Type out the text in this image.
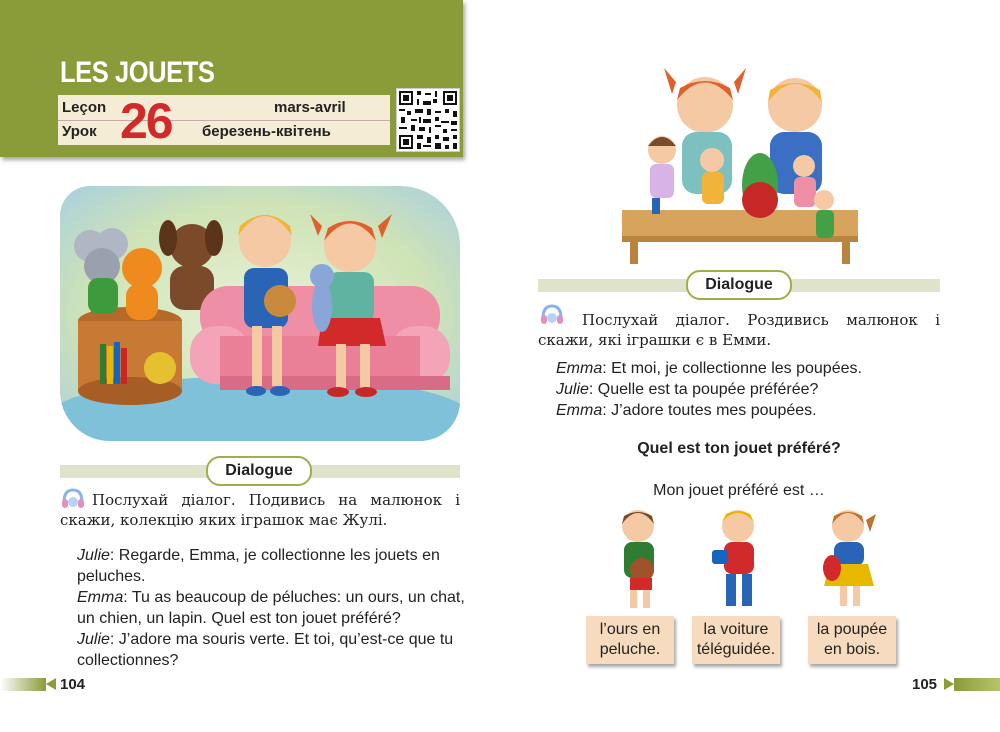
LES JOUETS
Leçon
Урок 26	mars-avril
березень-квітень
Dialogue
Послухай діалог. Подивись на малюнок і скажи, колекцію яких іграшок має Жулі.
Julie: Regarde, Emma, je collectionne les jouets en peluches.
Emma: Tu as beaucoup de péluches: un ours, un chat, un chien, un lapin. Quel est ton jouet préféré?
Julie: J’adore ma souris verte. Et toi, qu’est-ce que tu collectionnes?
Dialogue
Послухай діалог. Роздивись малюнок і скажи, які іграшки є в Емми.
Emma: Et moi, je collectionne les poupées.
Julie: Quelle est ta poupée préférée?
Emma: J’adore toutes mes poupées.
Quel est ton jouet préféré?
Mon jouet préféré est …
l’ours en
peluche.
la voiture
téléguidée.
la poupée
en bois.
104	105
